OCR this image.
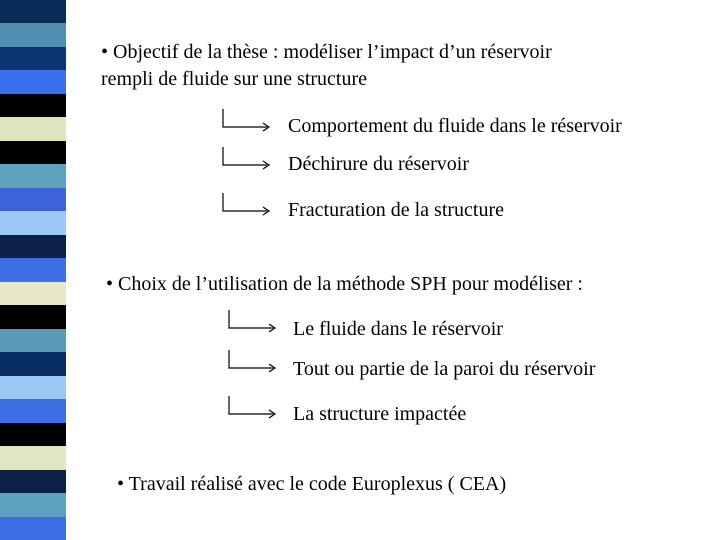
• Objectif de la thèse : modéliser l’impact d’un réservoir
rempli de fluide sur une structure
Comportement du fluide dans le réservoir
Déchirure du réservoir
Fracturation de la structure
• Choix de l’utilisation de la méthode SPH pour modéliser :
Le fluide dans le réservoir
Tout ou partie de la paroi du réservoir
La structure impactée
• Travail réalisé avec le code Europlexus ( CEA)
